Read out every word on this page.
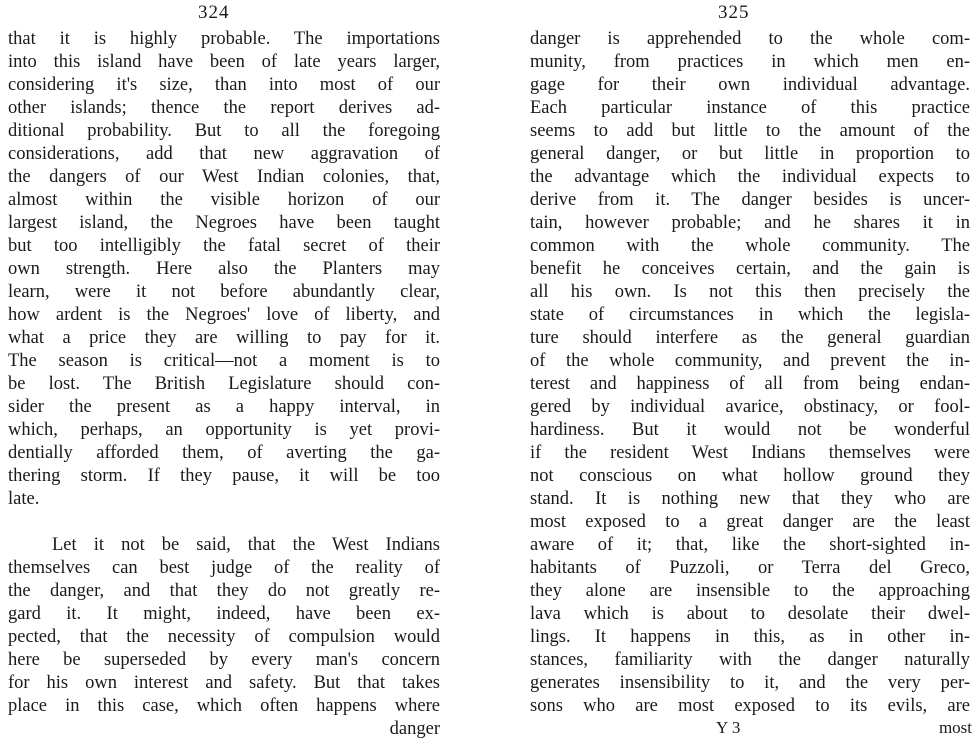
324
that it is highly probable. The importations
into this island have been of late years larger,
considering it's size, than into most of our
other islands; thence the report derives ad-
ditional probability. But to all the foregoing
considerations, add that new aggravation of
the dangers of our West Indian colonies, that,
almost within the visible horizon of our
largest island, the Negroes have been taught
but too intelligibly the fatal secret of their
own strength. Here also the Planters may
learn, were it not before abundantly clear,
how ardent is the Negroes' love of liberty, and
what a price they are willing to pay for it.
The season is critical—not a moment is to
be lost. The British Legislature should con-
sider the present as a happy interval, in
which, perhaps, an opportunity is yet provi-
dentially afforded them, of averting the ga-
thering storm. If they pause, it will be too
late.
Let it not be said, that the West Indians
themselves can best judge of the reality of
the danger, and that they do not greatly re-
gard it. It might, indeed, have been ex-
pected, that the necessity of compulsion would
here be superseded by every man's concern
for his own interest and safety. But that takes
place in this case, which often happens where
danger
325
danger is apprehended to the whole com-
munity, from practices in which men en-
gage for their own individual advantage.
Each particular instance of this practice
seems to add but little to the amount of the
general danger, or but little in proportion to
the advantage which the individual expects to
derive from it. The danger besides is uncer-
tain, however probable; and he shares it in
common with the whole community. The
benefit he conceives certain, and the gain is
all his own. Is not this then precisely the
state of circumstances in which the legisla-
ture should interfere as the general guardian
of the whole community, and prevent the in-
terest and happiness of all from being endan-
gered by individual avarice, obstinacy, or fool-
hardiness. But it would not be wonderful
if the resident West Indians themselves were
not conscious on what hollow ground they
stand. It is nothing new that they who are
most exposed to a great danger are the least
aware of it; that, like the short-sighted in-
habitants of Puzzoli, or Terra del Greco,
they alone are insensible to the approaching
lava which is about to desolate their dwel-
lings. It happens in this, as in other in-
stances, familiarity with the danger naturally
generates insensibility to it, and the very per-
sons who are most exposed to its evils, are
Y 3	most
